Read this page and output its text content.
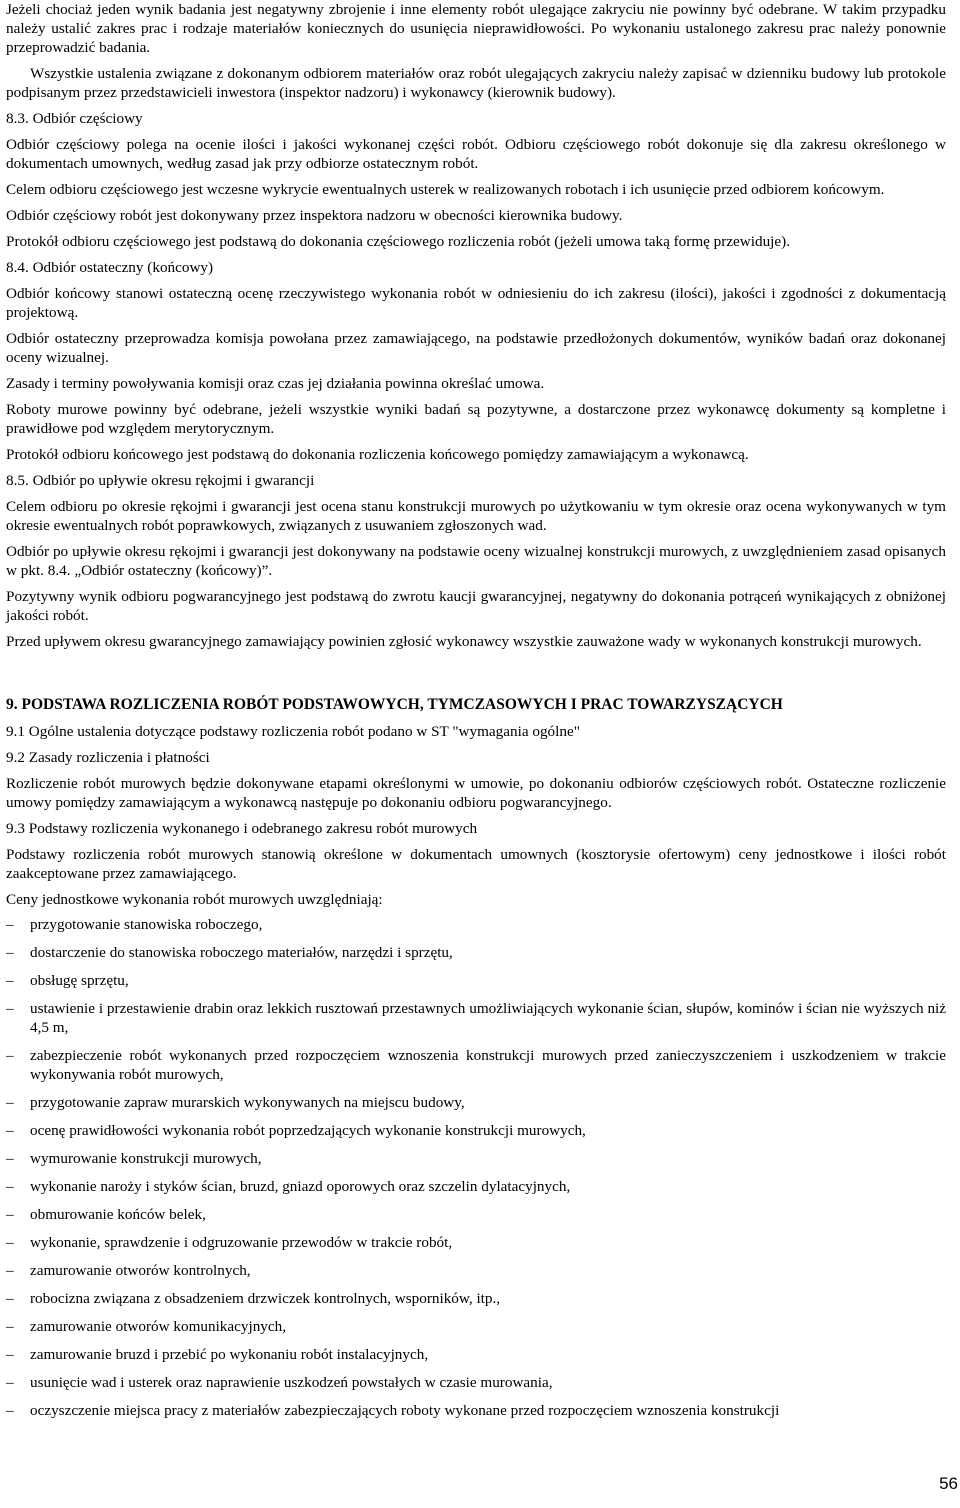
Jeżeli chociaż jeden wynik badania jest negatywny zbrojenie i inne elementy robót ulegające zakryciu nie powinny być odebrane. W takim przypadku należy ustalić zakres prac i rodzaje materiałów koniecznych do usunięcia nieprawidłowości. Po wykonaniu ustalonego zakresu prac należy ponownie przeprowadzić badania.

Wszystkie ustalenia związane z dokonanym odbiorem materiałów oraz robót ulegających zakryciu należy zapisać w dzienniku budowy lub protokole podpisanym przez przedstawicieli inwestora (inspektor nadzoru) i wykonawcy (kierownik budowy).

8.3. Odbiór częściowy

Odbiór częściowy polega na ocenie ilości i jakości wykonanej części robót. Odbioru częściowego robót dokonuje się dla zakresu określonego w dokumentach umownych, według zasad jak przy odbiorze ostatecznym robót.

Celem odbioru częściowego jest wczesne wykrycie ewentualnych usterek w realizowanych robotach i ich usunięcie przed odbiorem końcowym.

Odbiór częściowy robót jest dokonywany przez inspektora nadzoru w obecności kierownika budowy.

Protokół odbioru częściowego jest podstawą do dokonania częściowego rozliczenia robót (jeżeli umowa taką formę przewiduje).

8.4. Odbiór ostateczny (końcowy)

Odbiór końcowy stanowi ostateczną ocenę rzeczywistego wykonania robót w odniesieniu do ich zakresu (ilości), jakości i zgodności z dokumentacją projektową.

Odbiór ostateczny przeprowadza komisja powołana przez zamawiającego, na podstawie przedłożonych dokumentów, wyników badań oraz dokonanej oceny wizualnej.

Zasady i terminy powoływania komisji oraz czas jej działania powinna określać umowa.

Roboty murowe powinny być odebrane, jeżeli wszystkie wyniki badań są pozytywne, a dostarczone przez wykonawcę dokumenty są kompletne i prawidłowe pod względem merytorycznym.

Protokół odbioru końcowego jest podstawą do dokonania rozliczenia końcowego pomiędzy zamawiającym a wykonawcą.

8.5. Odbiór po upływie okresu rękojmi i gwarancji

Celem odbioru po okresie rękojmi i gwarancji jest ocena stanu konstrukcji murowych po użytkowaniu w tym okresie oraz ocena wykonywanych w tym okresie ewentualnych robót poprawkowych, związanych z usuwaniem zgłoszonych wad.

Odbiór po upływie okresu rękojmi i gwarancji jest dokonywany na podstawie oceny wizualnej konstrukcji murowych, z uwzględnieniem zasad opisanych w pkt. 8.4. „Odbiór ostateczny (końcowy)”.

Pozytywny wynik odbioru pogwarancyjnego jest podstawą do zwrotu kaucji gwarancyjnej, negatywny do dokonania potrąceń wynikających z obniżonej jakości robót.

Przed upływem okresu gwarancyjnego zamawiający powinien zgłosić wykonawcy wszystkie zauważone wady w wykonanych konstrukcji murowych.

9. PODSTAWA ROZLICZENIA ROBÓT PODSTAWOWYCH, TYMCZASOWYCH I PRAC TOWARZYSZĄCYCH

9.1 Ogólne ustalenia dotyczące podstawy rozliczenia robót podano w ST "wymagania ogólne"

9.2 Zasady rozliczenia i płatności

Rozliczenie robót murowych będzie dokonywane etapami określonymi w umowie, po dokonaniu odbiorów częściowych robót. Ostateczne rozliczenie umowy pomiędzy zamawiającym a wykonawcą następuje po dokonaniu odbioru pogwarancyjnego.

9.3 Podstawy rozliczenia wykonanego i odebranego zakresu robót murowych

Podstawy rozliczenia robót murowych stanowią określone w dokumentach umownych (kosztorysie ofertowym) ceny jednostkowe i ilości robót zaakceptowane przez zamawiającego.

Ceny jednostkowe wykonania robót murowych uwzględniają:

–	przygotowanie stanowiska roboczego,
–	dostarczenie do stanowiska roboczego materiałów, narzędzi i sprzętu,
–	obsługę sprzętu,
–	ustawienie i przestawienie drabin oraz lekkich rusztowań przestawnych umożliwiających wykonanie ścian, słupów, kominów i ścian nie wyższych niż 4,5 m,
–	zabezpieczenie robót wykonanych przed rozpoczęciem wznoszenia konstrukcji murowych przed zanieczyszczeniem i uszkodzeniem w trakcie wykonywania robót murowych,
–	przygotowanie zapraw murarskich wykonywanych na miejscu budowy,
–	ocenę prawidłowości wykonania robót poprzedzających wykonanie konstrukcji murowych,
–	wymurowanie konstrukcji murowych,
–	wykonanie naroży i styków ścian, bruzd, gniazd oporowych oraz szczelin dylatacyjnych,
–	obmurowanie końców belek,
–	wykonanie, sprawdzenie i odgruzowanie przewodów w trakcie robót,
–	zamurowanie otworów kontrolnych,
–	robocizna związana z obsadzeniem drzwiczek kontrolnych, wsporników, itp.,
–	zamurowanie otworów komunikacyjnych,
–	zamurowanie bruzd i przebić po wykonaniu robót instalacyjnych,
–	usunięcie wad i usterek oraz naprawienie uszkodzeń powstałych w czasie murowania,
–	oczyszczenie miejsca pracy z materiałów zabezpieczających roboty wykonane przed rozpoczęciem wznoszenia konstrukcji
56
